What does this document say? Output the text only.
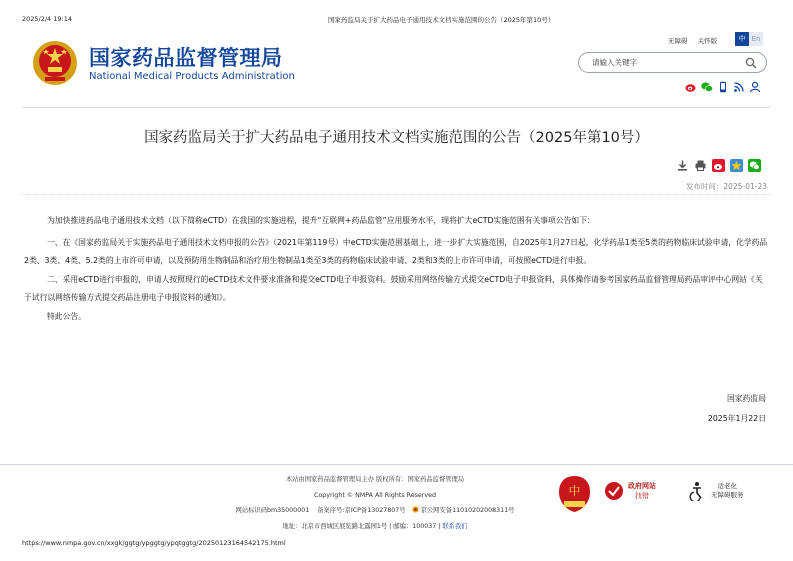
2025/2/4 19:14	国家药监局关于扩大药品电子通用技术文档实施范围的公告（2025年第10号）
国家药品监督管理局
National Medical Products Administration
无障碍 关怀版	中 En
请输入关键字
国家药监局关于扩大药品电子通用技术文档实施范围的公告（2025年第10号）
发布时间：2025-01-23

为加快推进药品电子通用技术文档（以下简称eCTD）在我国的实施进程，提升“互联网+药品监管”应用服务水平，现将扩大eCTD实施范围有关事项公告如下：

一、在《国家药监局关于实施药品电子通用技术文档申报的公告》（2021年第119号）中eCTD实施范围基础上，进一步扩大实施范围，自2025年1月27日起，化学药品1类至5类的药物临床试验申请，化学药品2类、3类、4类、5.2类的上市许可申请，以及预防用生物制品和治疗用生物制品1类至3类的药物临床试验申请、2类和3类的上市许可申请，可按照eCTD进行申报。

二、采用eCTD进行申报的，申请人按照现行的eCTD技术文件要求准备和提交eCTD电子申报资料。鼓励采用网络传输方式提交eCTD电子申报资料，具体操作请参考国家药品监督管理局药品审评中心网站《关于试行以网络传输方式提交药品注册电子申报资料的通知》。

特此公告。

国家药监局
2025年1月22日
本站由国家药品监督管理局主办 版权所有：国家药品监督管理局
Copyright © NMPA All Rights Reserved
网站标识码bm35000001 备案序号:京ICP备13027807号 京公网安备11010202008311号
地址：北京市西城区展览路北露园1号 | 邮编：100037 | 联系我们
中	政府网站
找错
适老化
无障碍服务
https://www.nmpa.gov.cn/xxgk/ggtg/ypggtg/ypqtggtg/20250123164542175.html
